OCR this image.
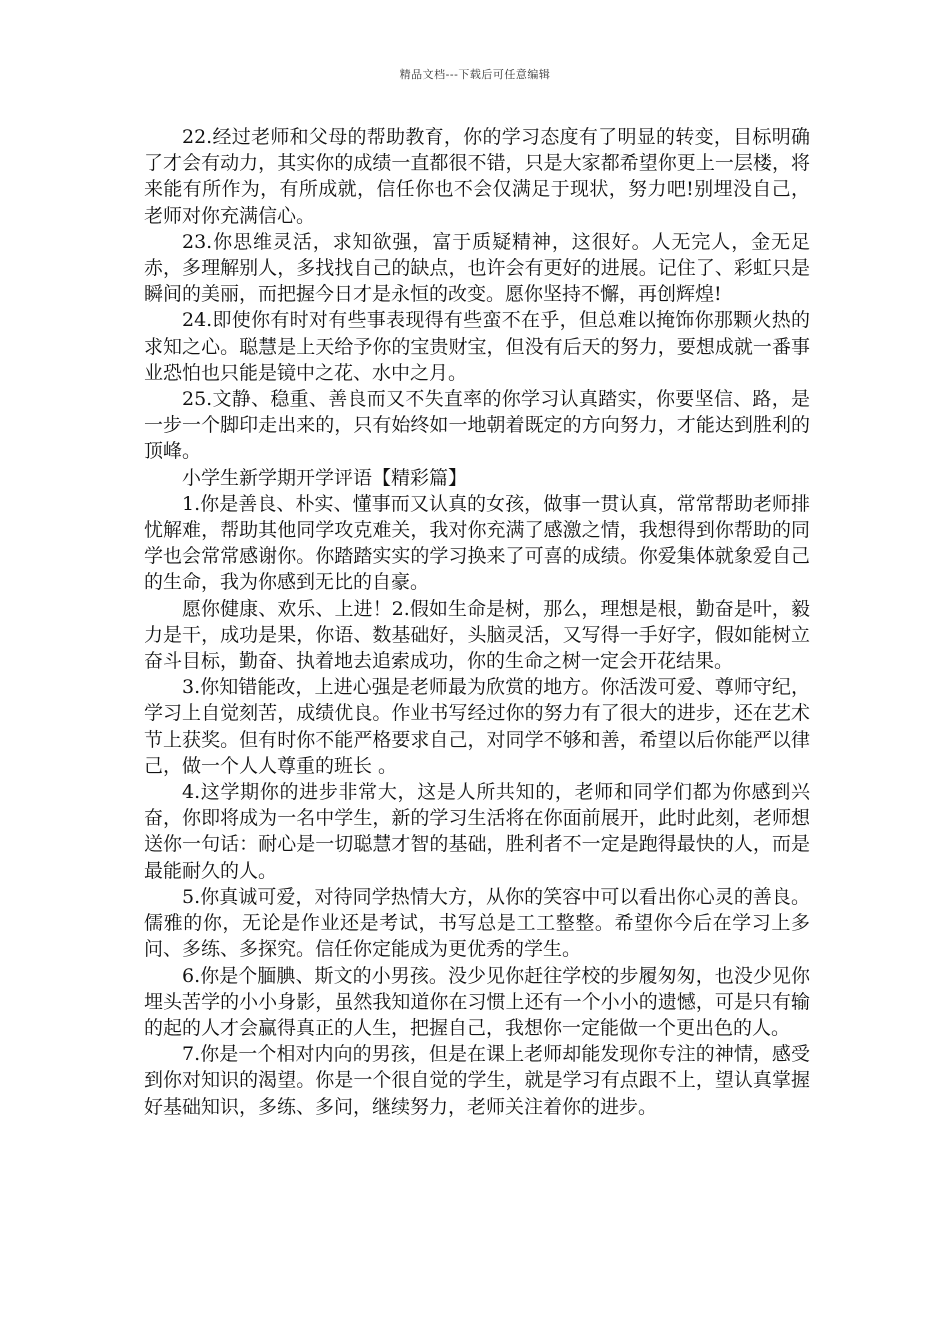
精品文档---下载后可任意编辑

22.经过老师和父母的帮助教育，你的学习态度有了明显的转变，目标明确了才会有动力，其实你的成绩一直都很不错，只是大家都希望你更上一层楼，将来能有所作为，有所成就，信任你也不会仅满足于现状，努力吧!别埋没自己，老师对你充满信心。

23.你思维灵活，求知欲强，富于质疑精神，这很好。人无完人，金无足赤，多理解别人，多找找自己的缺点，也许会有更好的进展。记住了、彩虹只是瞬间的美丽，而把握今日才是永恒的改变。愿你坚持不懈，再创辉煌!

24.即使你有时对有些事表现得有些蛮不在乎，但总难以掩饰你那颗火热的求知之心。聪慧是上天给予你的宝贵财宝，但没有后天的努力，要想成就一番事业恐怕也只能是镜中之花、水中之月。

25.文静、稳重、善良而又不失直率的你学习认真踏实，你要坚信、路，是一步一个脚印走出来的，只有始终如一地朝着既定的方向努力，才能达到胜利的顶峰。

小学生新学期开学评语【精彩篇】

1.你是善良、朴实、懂事而又认真的女孩，做事一贯认真，常常帮助老师排忧解难，帮助其他同学攻克难关，我对你充满了感激之情，我想得到你帮助的同学也会常常感谢你。你踏踏实实的学习换来了可喜的成绩。你爱集体就象爱自己的生命，我为你感到无比的自豪。

愿你健康、欢乐、上进！2.假如生命是树，那么，理想是根，勤奋是叶，毅力是干，成功是果，你语、数基础好，头脑灵活，又写得一手好字，假如能树立奋斗目标，勤奋、执着地去追索成功，你的生命之树一定会开花结果。

3.你知错能改，上进心强是老师最为欣赏的地方。你活泼可爱、尊师守纪，学习上自觉刻苦，成绩优良。作业书写经过你的努力有了很大的进步，还在艺术节上获奖。但有时你不能严格要求自己，对同学不够和善，希望以后你能严以律己，做一个人人尊重的班长 。

4.这学期你的进步非常大，这是人所共知的，老师和同学们都为你感到兴奋，你即将成为一名中学生，新的学习生活将在你面前展开，此时此刻，老师想送你一句话：耐心是一切聪慧才智的基础，胜利者不一定是跑得最快的人，而是最能耐久的人。

5.你真诚可爱，对待同学热情大方，从你的笑容中可以看出你心灵的善良。儒雅的你，无论是作业还是考试，书写总是工工整整。希望你今后在学习上多问、多练、多探究。信任你定能成为更优秀的学生。

6.你是个腼腆、斯文的小男孩。没少见你赶往学校的步履匆匆，也没少见你埋头苦学的小小身影，虽然我知道你在习惯上还有一个小小的遗憾，可是只有输的起的人才会赢得真正的人生，把握自己，我想你一定能做一个更出色的人。

7.你是一个相对内向的男孩，但是在课上老师却能发现你专注的神情，感受到你对知识的渴望。你是一个很自觉的学生，就是学习有点跟不上，望认真掌握好基础知识，多练、多问，继续努力，老师关注着你的进步。
